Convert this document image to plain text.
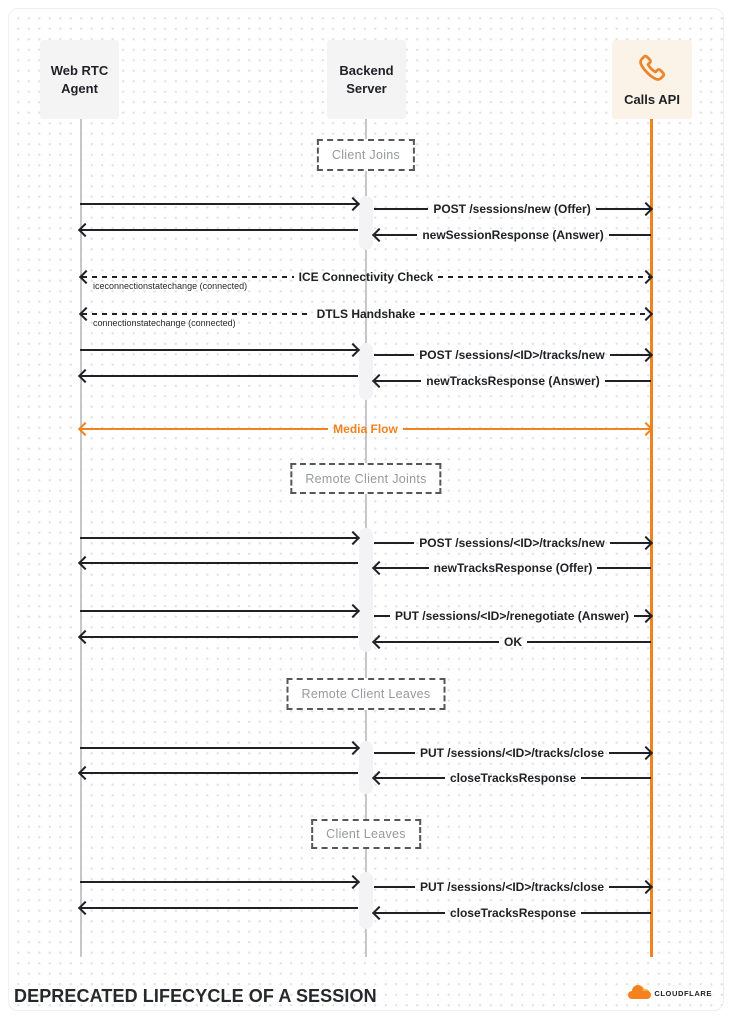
Client Joins
Remote Client Joints
Remote Client Leaves
Client Leaves
POST /sessions/new (Offer)
newSessionResponse (Answer)
ICE Connectivity Check
iceconnectionstatechange (connected)
DTLS Handshake
connectionstatechange (connected)
POST /sessions/<ID>/tracks/new
newTracksResponse (Answer)
Media Flow
POST /sessions/<ID>/tracks/new
newTracksResponse (Offer)
PUT /sessions/<ID>/renegotiate (Answer)
OK
PUT /sessions/<ID>/tracks/close
closeTracksResponse
PUT /sessions/<ID>/tracks/close
closeTracksResponse
Web RTC Agent
Backend Server
Calls API
DEPRECATED LIFECYCLE OF A SESSION	CLOUDFLARE
